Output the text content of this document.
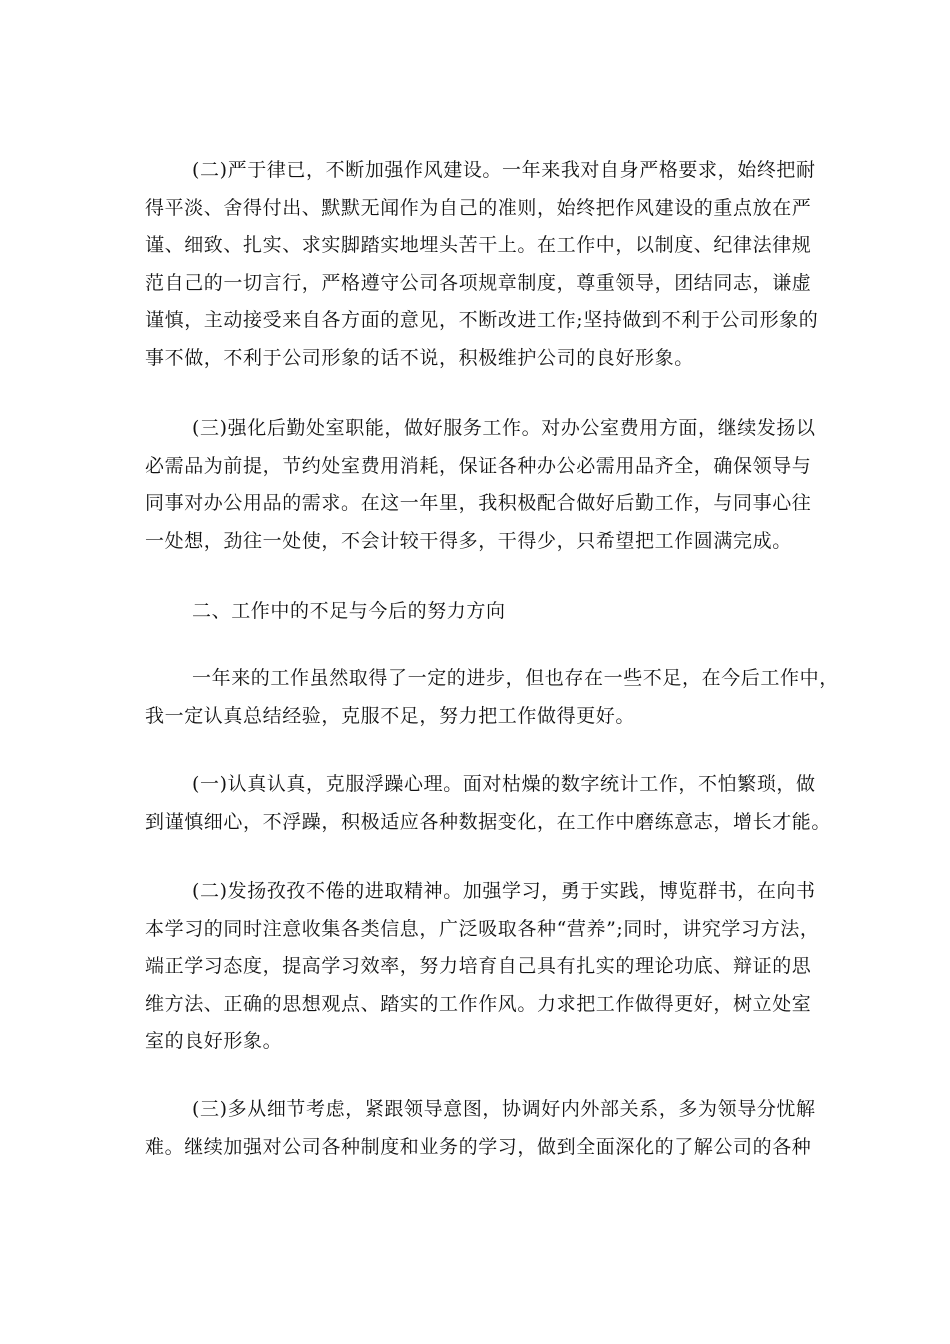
(二)严于律已，不断加强作风建设。一年来我对自身严格要求，始终把耐
得平淡、舍得付出、默默无闻作为自己的准则，始终把作风建设的重点放在严
谨、细致、扎实、求实脚踏实地埋头苦干上。在工作中，以制度、纪律法律规
范自己的一切言行，严格遵守公司各项规章制度，尊重领导，团结同志，谦虚
谨慎，主动接受来自各方面的意见，不断改进工作;坚持做到不利于公司形象的
事不做，不利于公司形象的话不说，积极维护公司的良好形象。
(三)强化后勤处室职能，做好服务工作。对办公室费用方面，继续发扬以
必需品为前提，节约处室费用消耗，保证各种办公必需用品齐全，确保领导与
同事对办公用品的需求。在这一年里，我积极配合做好后勤工作，与同事心往
一处想，劲往一处使，不会计较干得多，干得少，只希望把工作圆满完成。
二、工作中的不足与今后的努力方向
一年来的工作虽然取得了一定的进步，但也存在一些不足，在今后工作中，
我一定认真总结经验，克服不足，努力把工作做得更好。
(一)认真认真，克服浮躁心理。面对枯燥的数字统计工作，不怕繁琐，做
到谨慎细心，不浮躁，积极适应各种数据变化，在工作中磨练意志，增长才能。
(二)发扬孜孜不倦的进取精神。加强学习，勇于实践，博览群书，在向书
本学习的同时注意收集各类信息，广泛吸取各种“营养”;同时，讲究学习方法，
端正学习态度，提高学习效率，努力培育自己具有扎实的理论功底、辩证的思
维方法、正确的思想观点、踏实的工作作风。力求把工作做得更好，树立处室
室的良好形象。
(三)多从细节考虑，紧跟领导意图，协调好内外部关系，多为领导分忧解
难。继续加强对公司各种制度和业务的学习，做到全面深化的了解公司的各种
